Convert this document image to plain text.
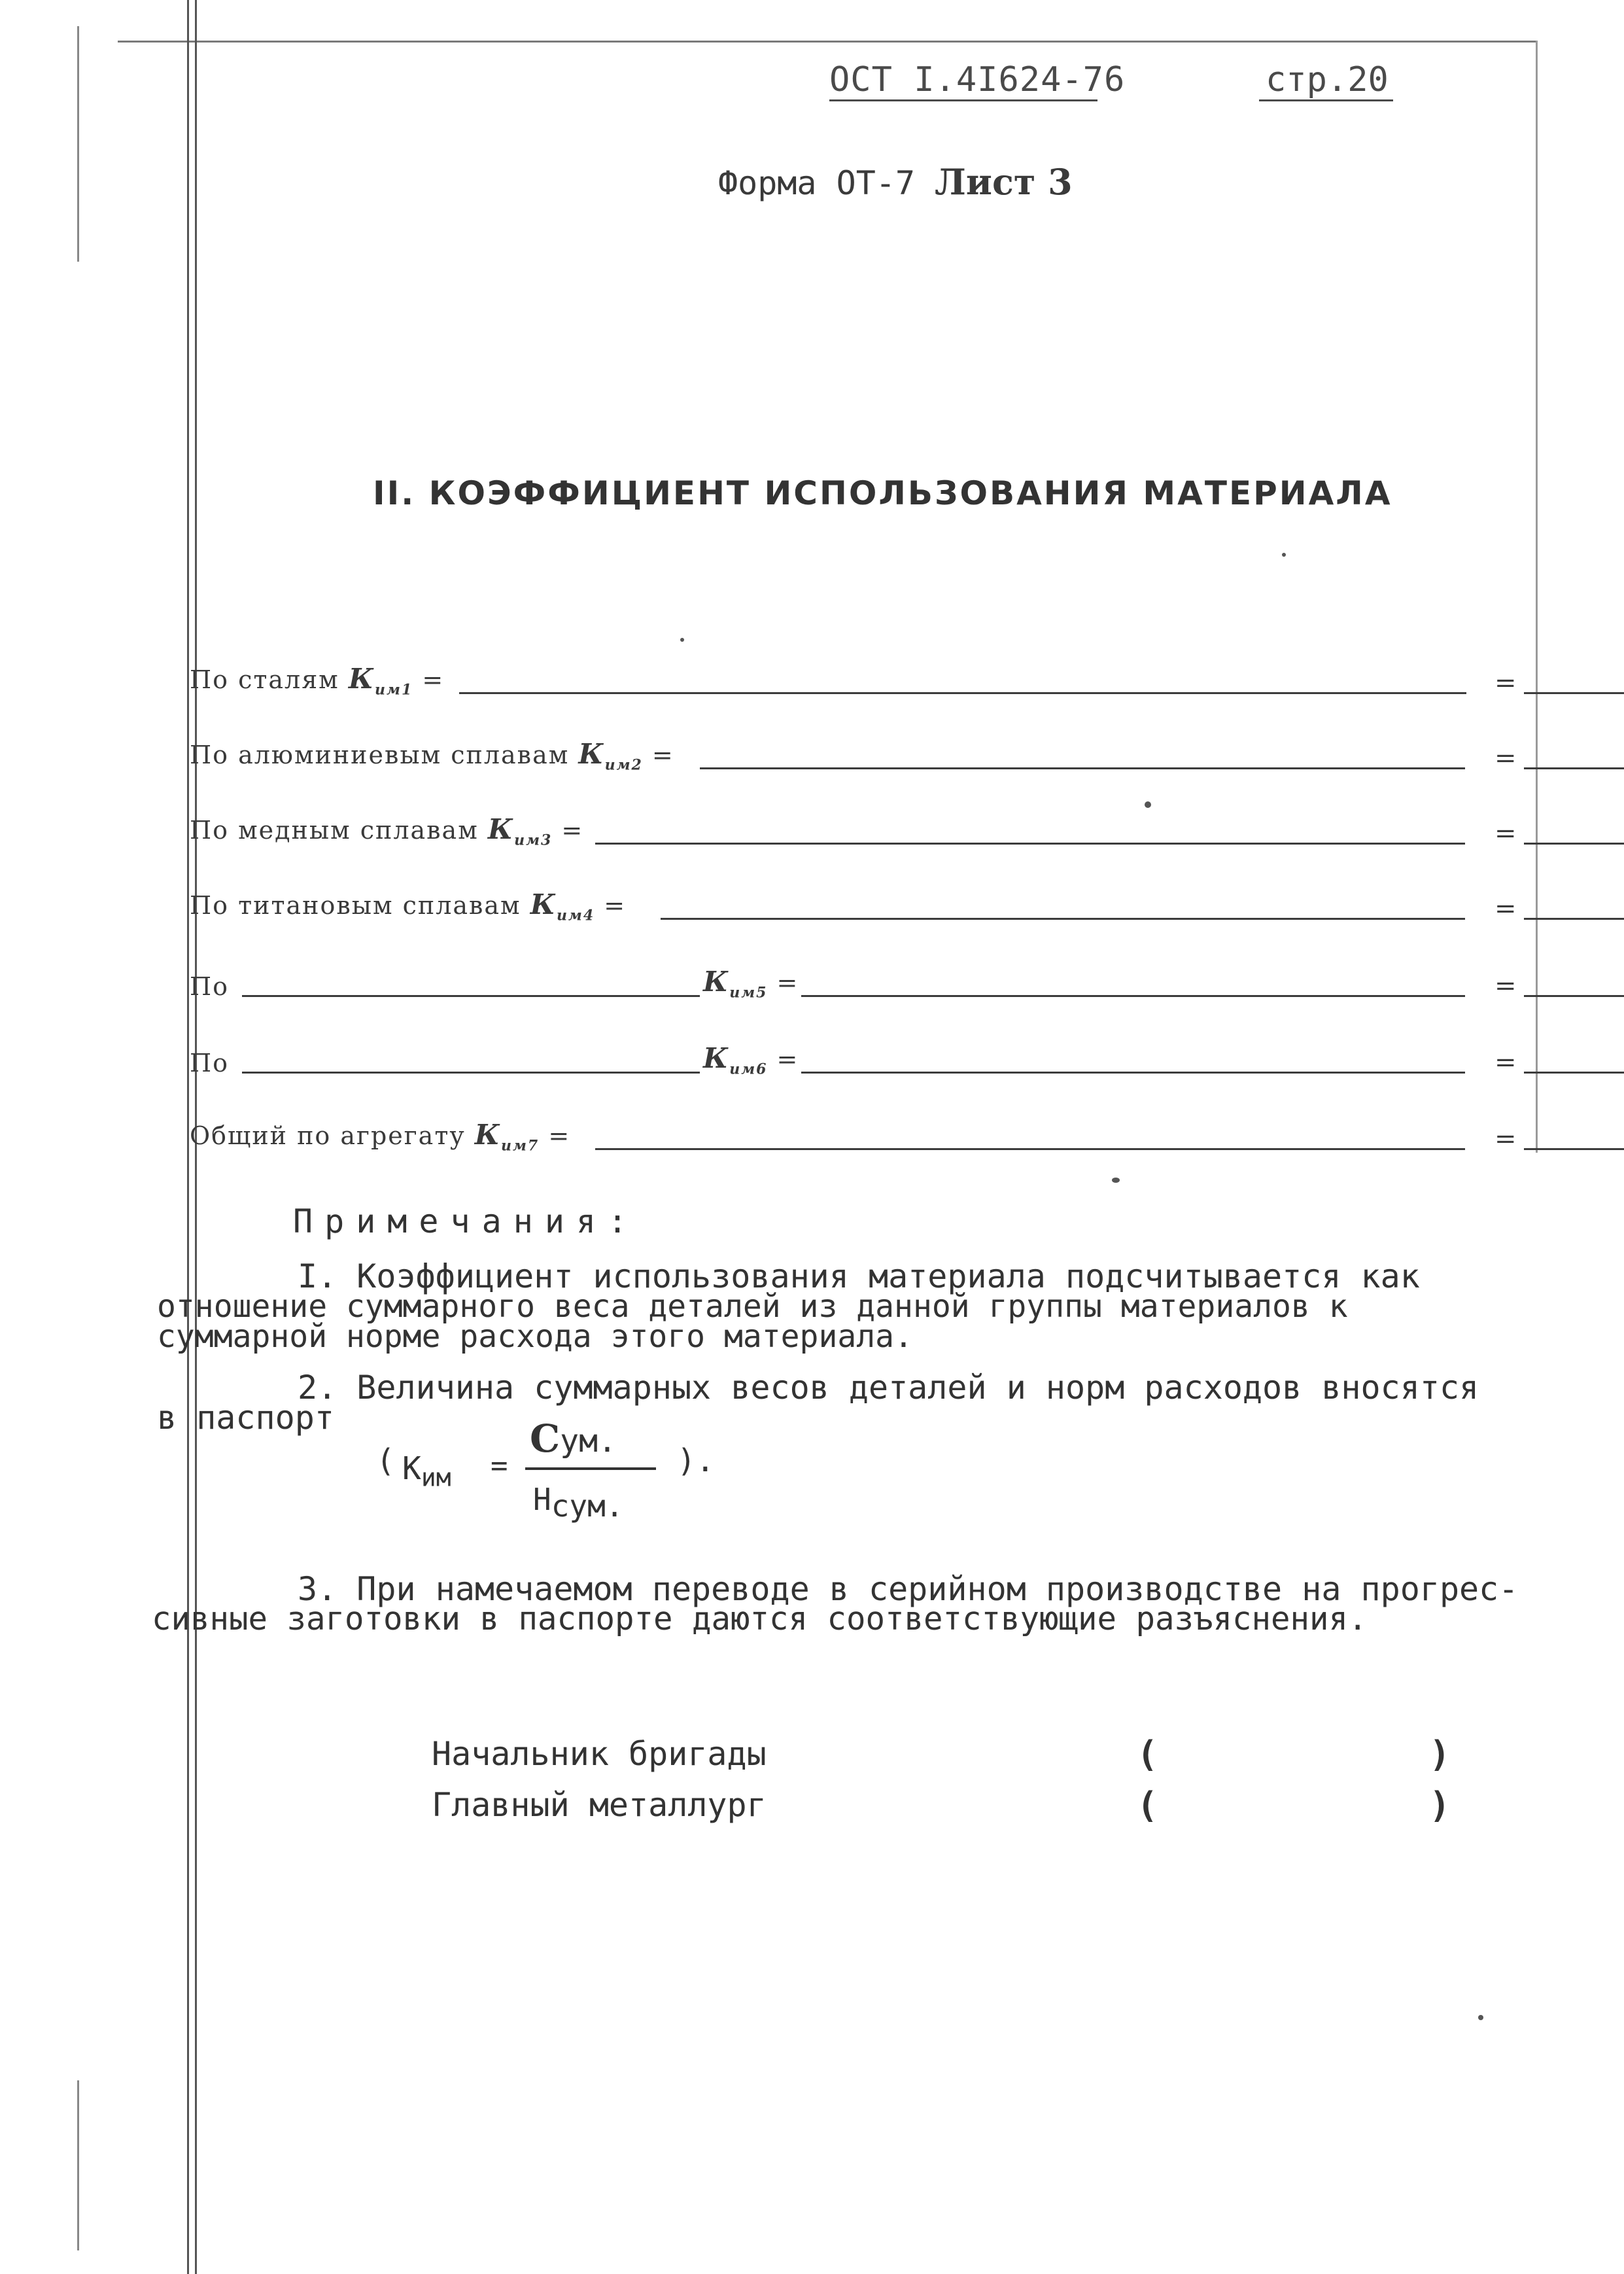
ОСТ I.4I624-76	стр.20
Форма ОТ-7 Лист 3
II. КОЭФФИЦИЕНТ ИСПОЛЬЗОВАНИЯ МАТЕРИАЛА
По сталям $К_{им1}$ =	=
По алюминиевым сплавам $К_{им2}$ =	=
По медным сплавам $К_{им3}$ =	=
По титановым сплавам $К_{им4}$ =	=
По	$К_{им5}$ =	=
По	$К_{им6}$ =	=
Общий по агрегату $К_{им7}$ =	=
Примечания:
I. Коэффициент использования материала подсчитывается как
отношение суммарного веса деталей из данной группы материалов к
суммарной норме расхода этого материала.
2. Величина суммарных весов деталей и норм расходов вносятся
в паспорт
( $К_{им}$ =
Сум.
$Н_{сум.}$
).
3. При намечаемом переводе в серийном производстве на прогрес-
сивные заготовки в паспорте даются соответствующие разъяснения.
Начальник бригады	(	)
Главный металлург	(	)
